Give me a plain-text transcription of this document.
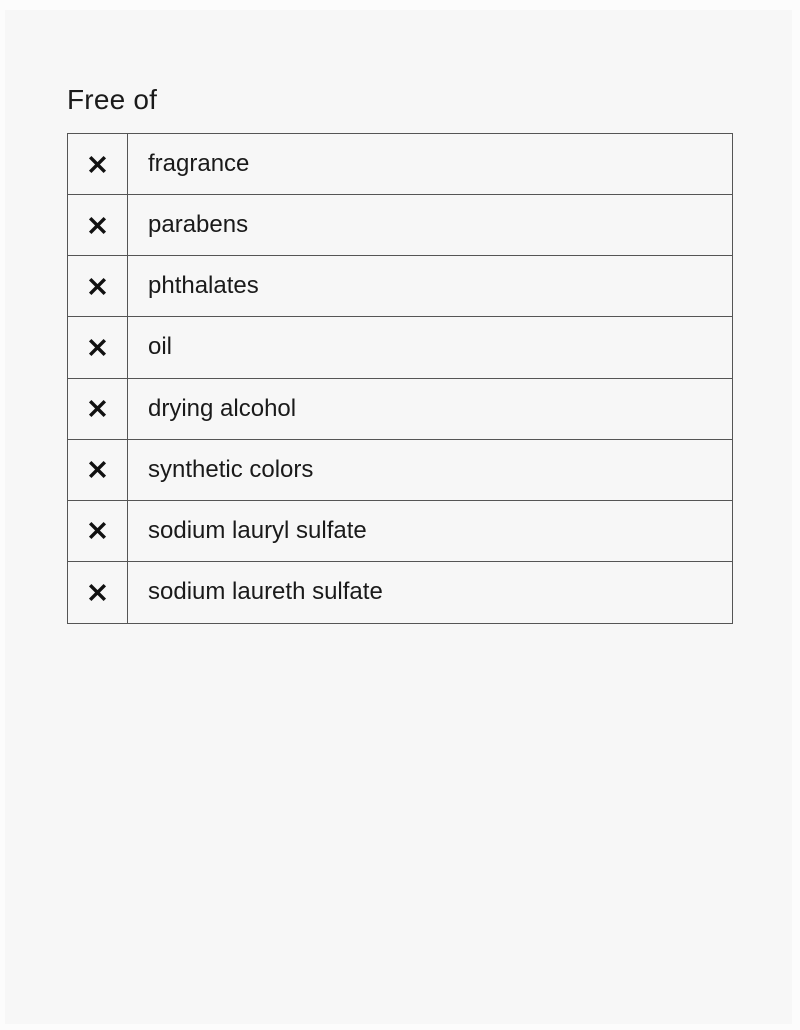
Free of
fragrance
parabens
phthalates
oil
drying alcohol
synthetic colors
sodium lauryl sulfate
sodium laureth sulfate
